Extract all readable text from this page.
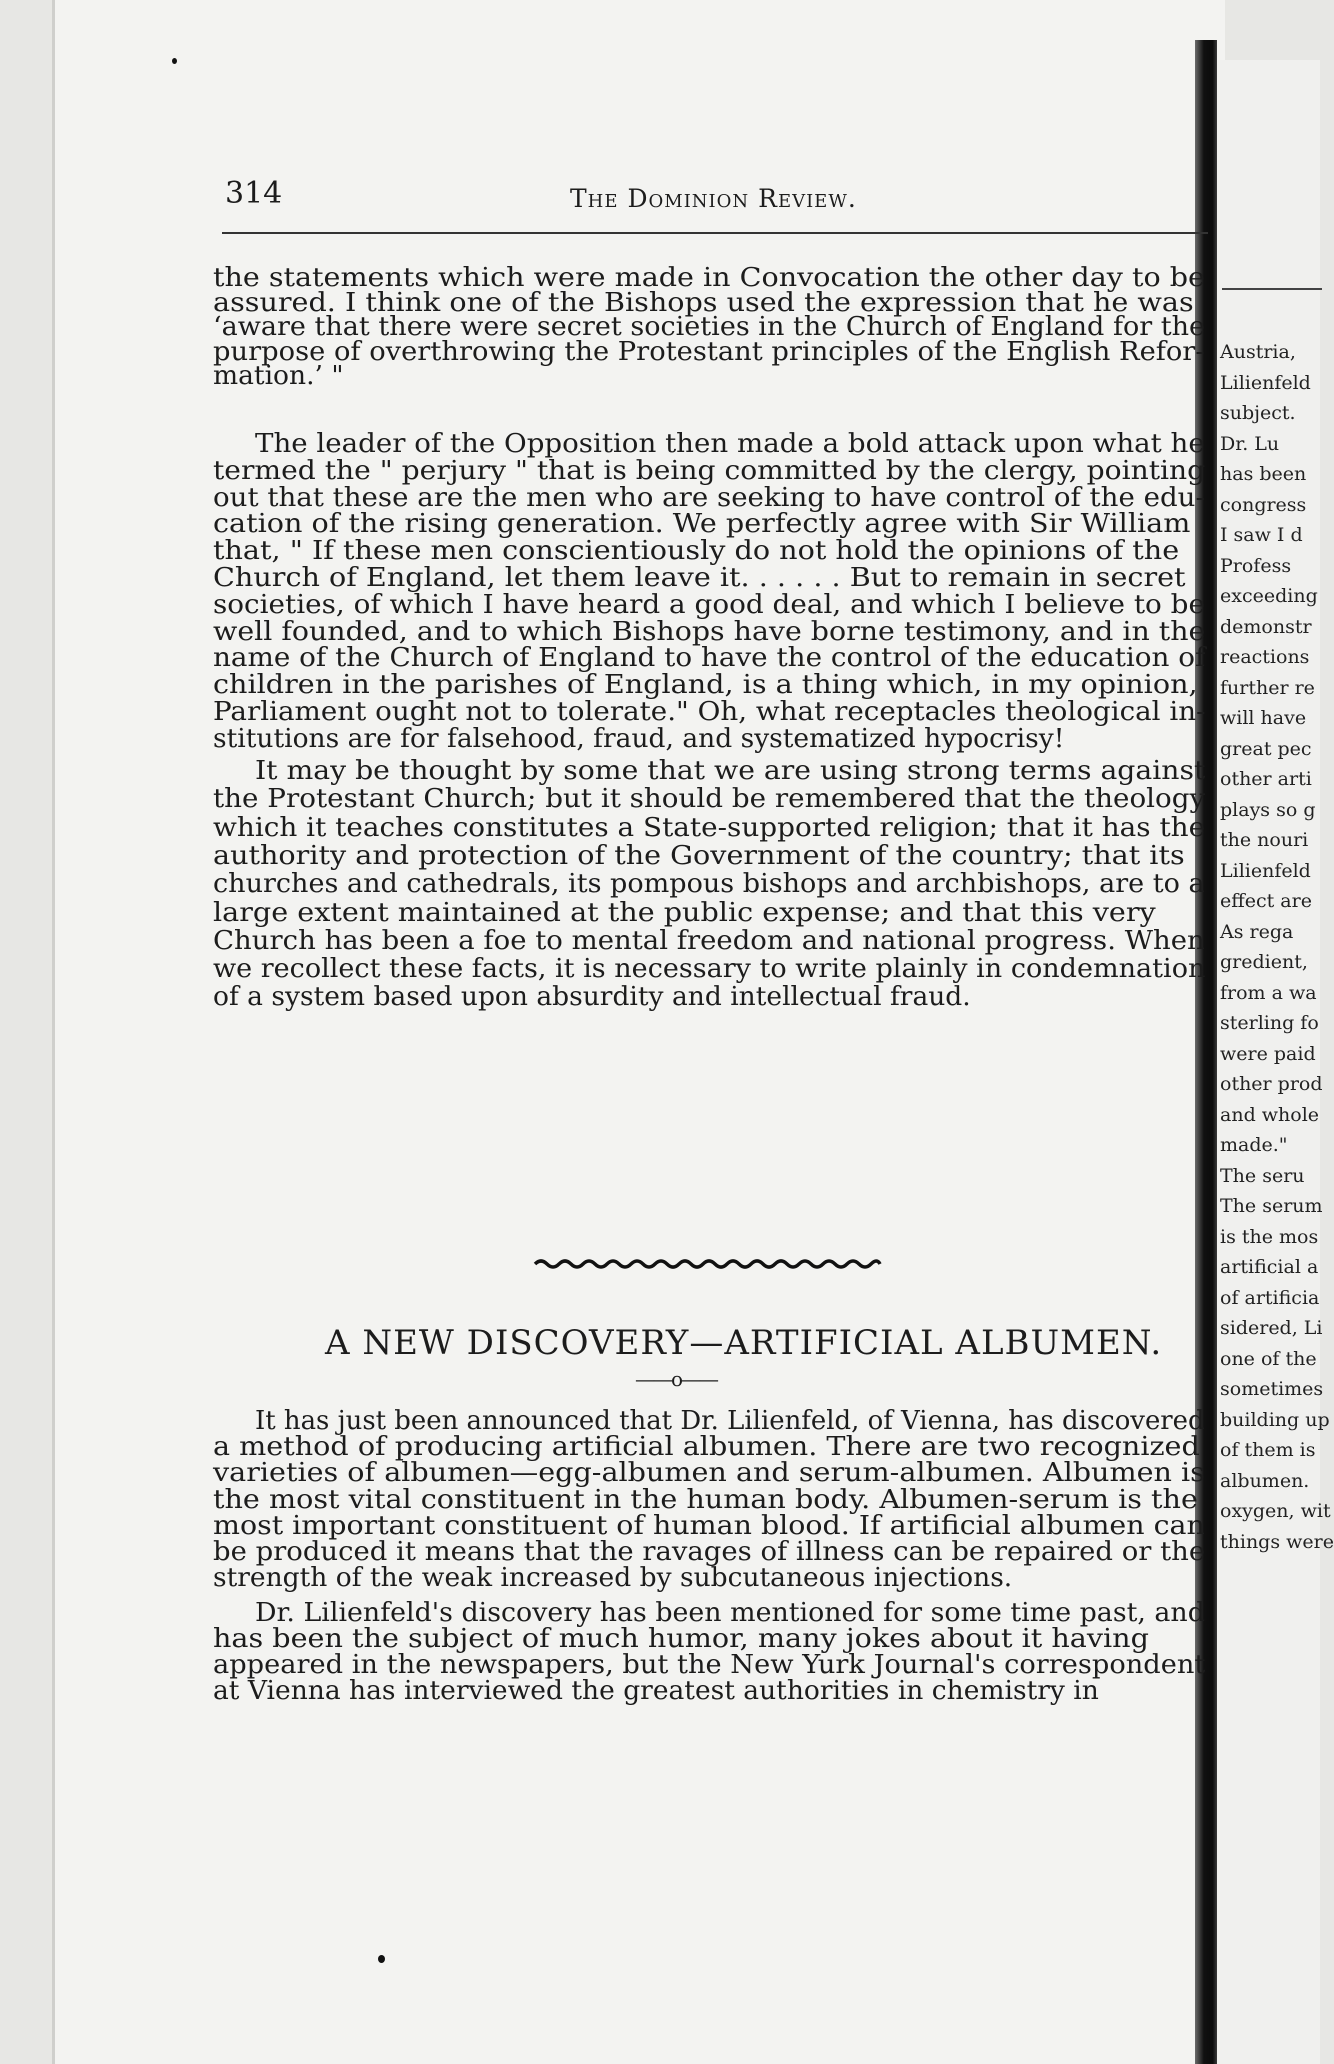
Austria,
Lilienfeld
subject.
Dr. Lu
has been
congress
I saw I d
Profess
exceeding
demonstr
reactions
further re
will have
great pec
other arti
plays so g
the nouri
Lilienfeld
effect are
As rega
gredient,
from a wa
sterling fo
were paid
other prod
and whole
made."
The seru
The serum
is the mos
artificial a
of artificia
sidered, Li
one of the
sometimes
building up
of them is
albumen.
oxygen, wit
things were

314	The Dominion Review.

the statements which were made in Convocation the other day to be
assured. I think one of the Bishops used the expression that he was
‘aware that there were secret societies in the Church of England for the
purpose of overthrowing the Protestant principles of the English Refor-
mation.’ "
The leader of the Opposition then made a bold attack upon what he
termed the " perjury " that is being committed by the clergy, pointing
out that these are the men who are seeking to have control of the edu-
cation of the rising generation. We perfectly agree with Sir William
that, " If these men conscientiously do not hold the opinions of the
Church of England, let them leave it. . . . . . But to remain in secret
societies, of which I have heard a good deal, and which I believe to be
well founded, and to which Bishops have borne testimony, and in the
name of the Church of England to have the control of the education of
children in the parishes of England, is a thing which, in my opinion,
Parliament ought not to tolerate." Oh, what receptacles theological in-
stitutions are for falsehood, fraud, and systematized hypocrisy!
It may be thought by some that we are using strong terms against
the Protestant Church; but it should be remembered that the theology
which it teaches constitutes a State-supported religion; that it has the
authority and protection of the Government of the country; that its
churches and cathedrals, its pompous bishops and archbishops, are to a
large extent maintained at the public expense; and that this very
Church has been a foe to mental freedom and national progress. When
we recollect these facts, it is necessary to write plainly in condemnation
of a system based upon absurdity and intellectual fraud.
It has just been announced that Dr. Lilienfeld, of Vienna, has discovered
a method of producing artificial albumen. There are two recognized
varieties of albumen—egg-albumen and serum-albumen. Albumen is
the most vital constituent in the human body. Albumen-serum is the
most important constituent of human blood. If artificial albumen can
be produced it means that the ravages of illness can be repaired or the
strength of the weak increased by subcutaneous injections.
Dr. Lilienfeld's discovery has been mentioned for some time past, and
has been the subject of much humor, many jokes about it having
appeared in the newspapers, but the New Yurk Journal's correspondent
at Vienna has interviewed the greatest authorities in chemistry in

A NEW DISCOVERY—ARTIFICIAL ALBUMEN.

——o——
